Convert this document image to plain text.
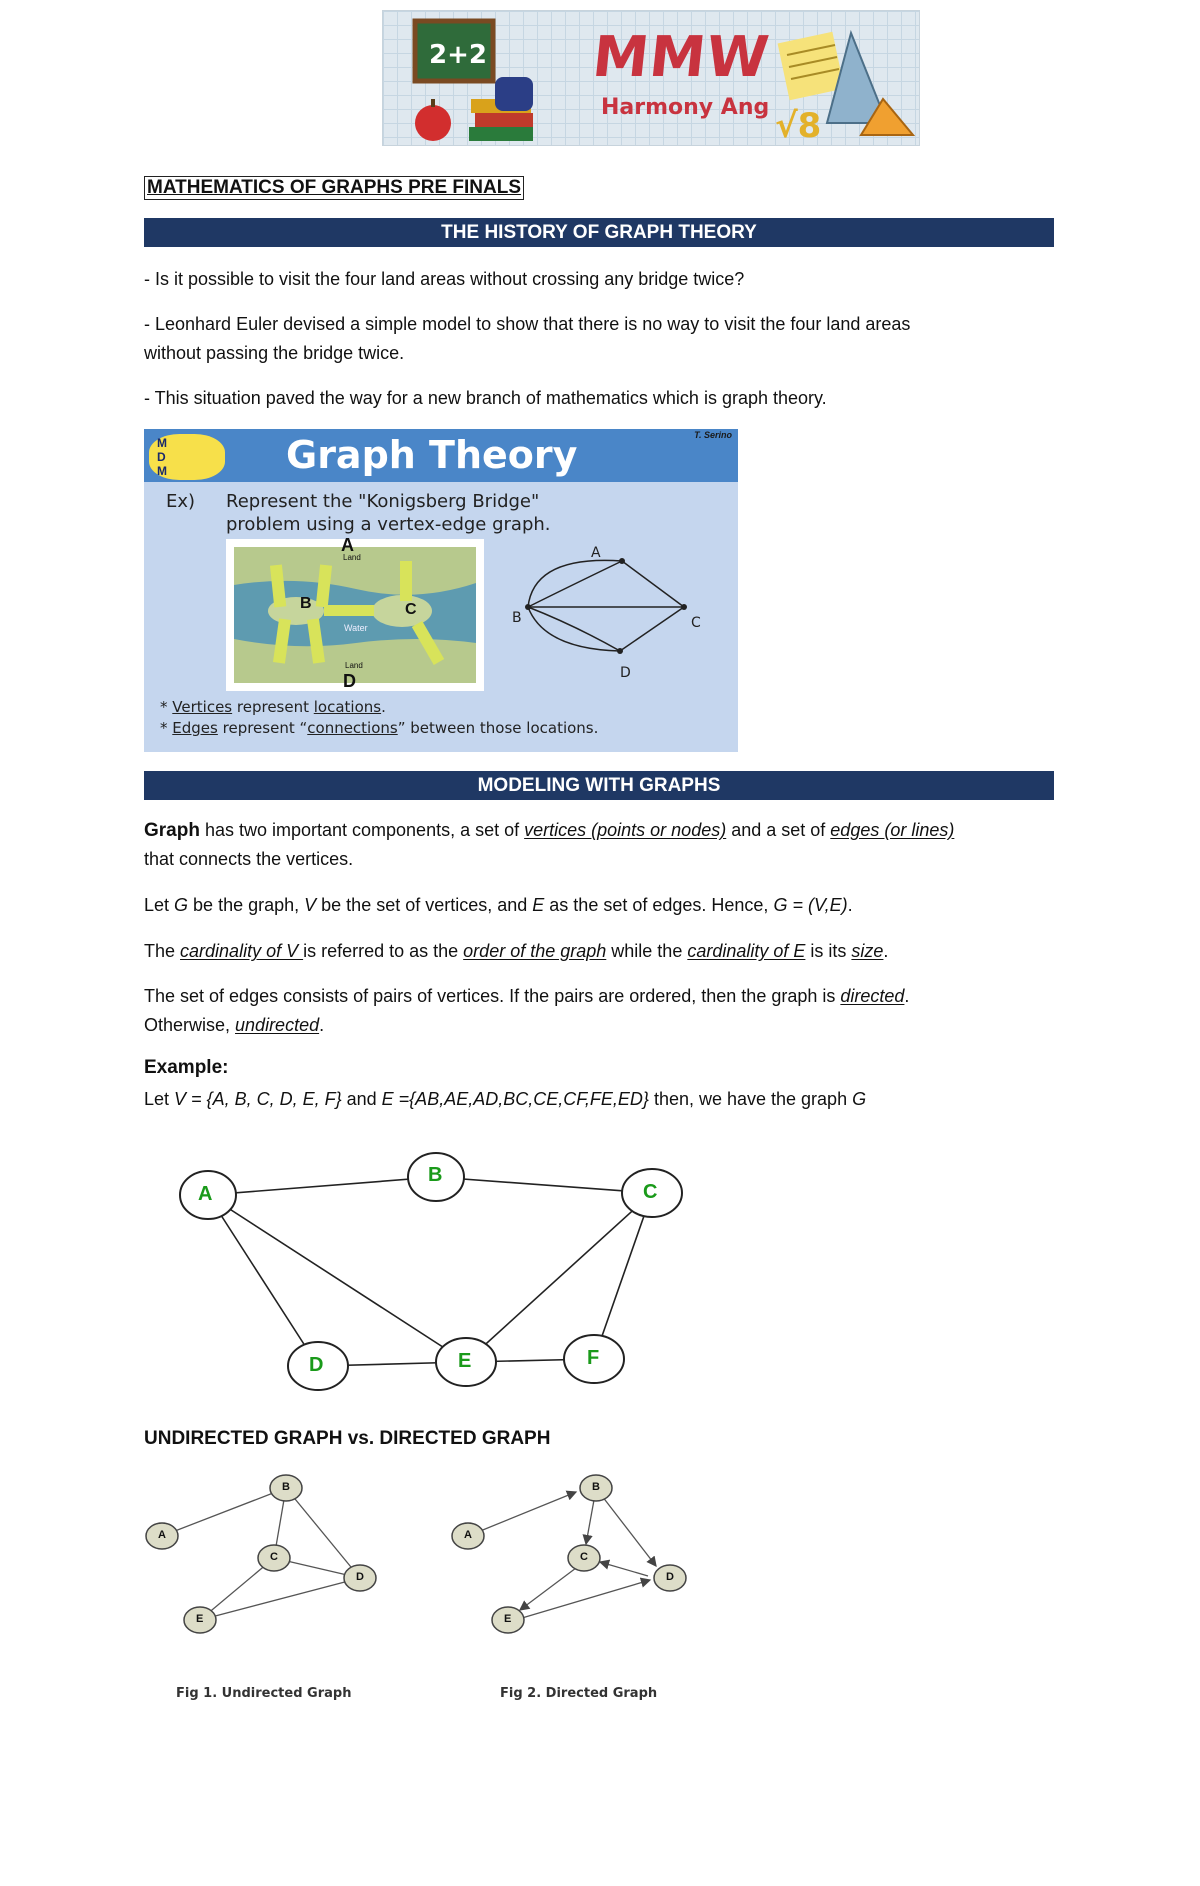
2+2
√8
MMW
Harmony Ang
MATHEMATICS OF GRAPHS PRE FINALS
THE HISTORY OF GRAPH THEORY
- Is it possible to visit the four land areas without crossing any bridge twice?
- Leonhard Euler devised a simple model to show that there is no way to visit the four land areas
without passing the bridge twice.
- This situation paved the way for a new branch of mathematics which is graph theory.
M
D
M	Graph Theory	T. Serino
Ex) Represent the "Konigsberg Bridge"
problem using a vertex-edge graph.
A
Land
B	C
Water
Land
D
A
B	C
D
* Vertices represent locations.
* Edges represent “connections” between those locations.
MODELING WITH GRAPHS
Graph has two important components, a set of vertices (points or nodes) and a set of edges (or lines)
that connects the vertices.
Let G be the graph, V be the set of vertices, and E as the set of edges. Hence, G = (V,E).
The cardinality of V is referred to as the order of the graph while the cardinality of E is its size.
The set of edges consists of pairs of vertices. If the pairs are ordered, then the graph is directed.
Otherwise, undirected.
Example:
Let V = {A, B, C, D, E, F} and E ={AB,AE,AD,BC,CE,CF,FE,ED} then, we have the graph G
A
B
C
D	E	F
UNDIRECTED GRAPH vs. DIRECTED GRAPH
A
B
C
D
E
Fig 1. Undirected Graph
A
B
C
D
E
Fig 2. Directed Graph
